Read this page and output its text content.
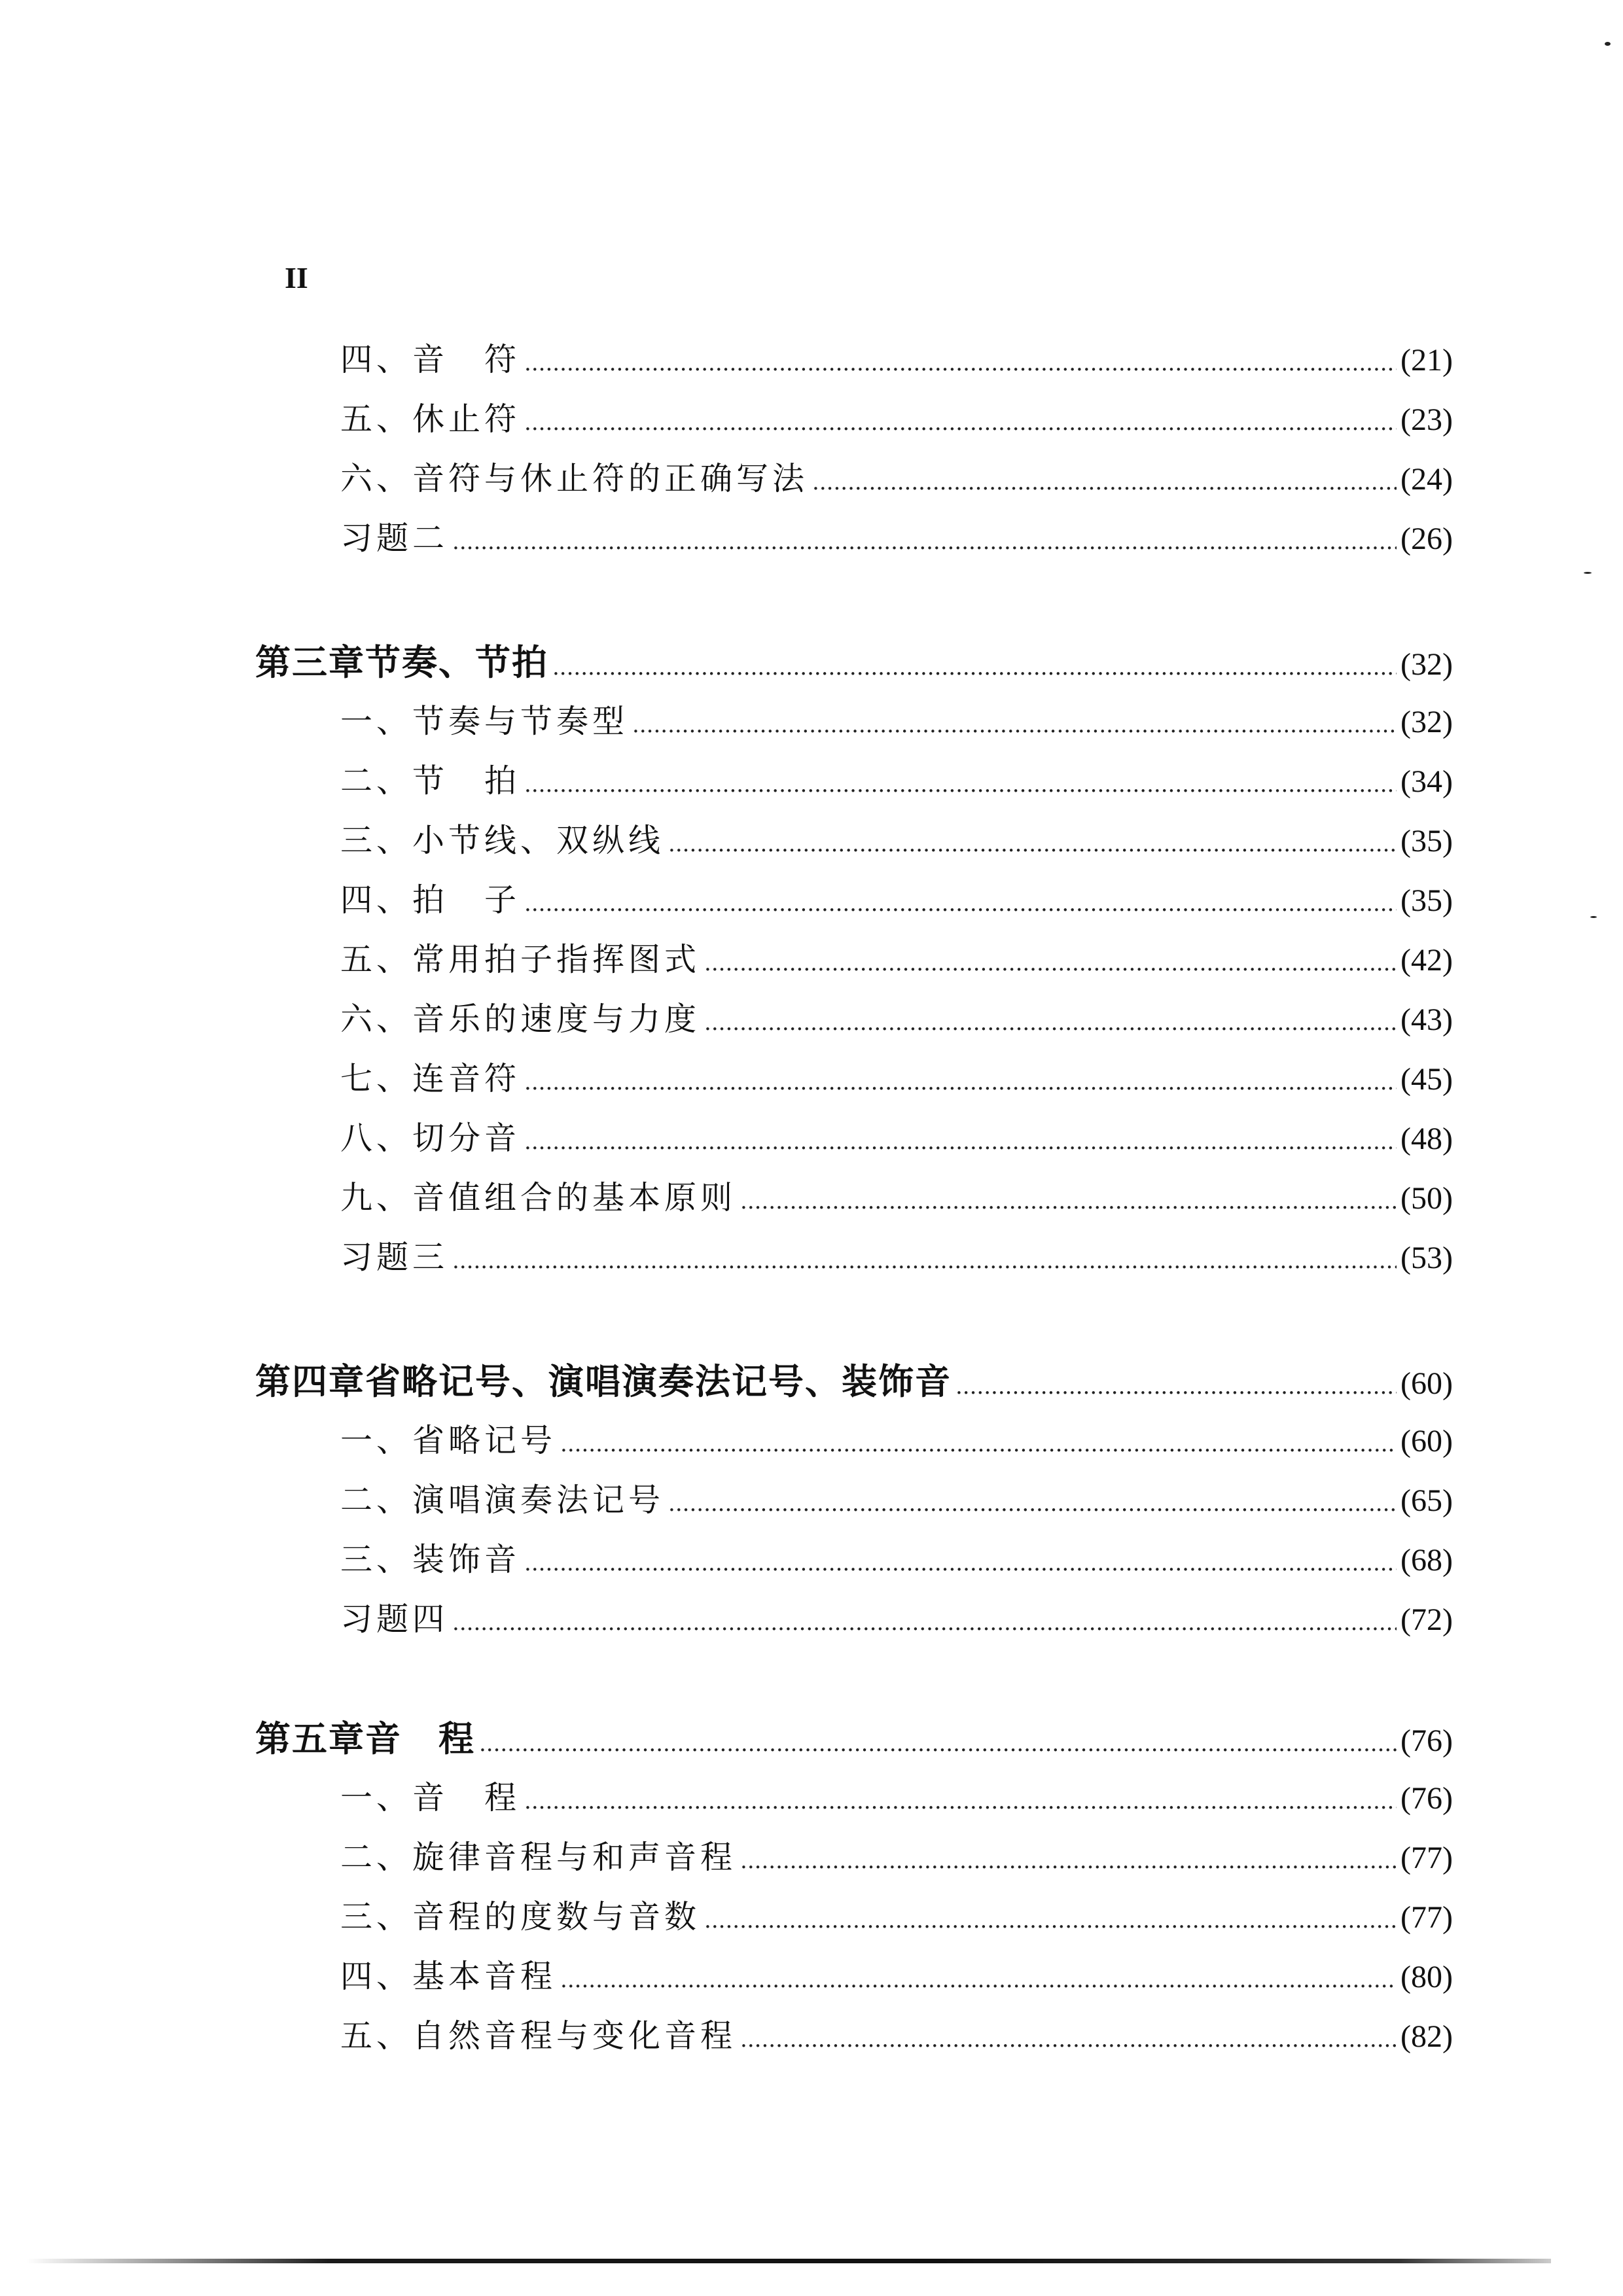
II
四、 音　符 .....	(21)
五、 休止符 .....	(23)
六、 音符与休止符的正确写法 .....	(24)
习题二 .....	(26)
第三章 节奏、节拍 .....	(32)
一、 节奏与节奏型 .....	(32)
二、 节　拍 .....	(34)
三、 小节线、双纵线 .....	(35)
四、 拍　子 .....	(35)
五、 常用拍子指挥图式 .....	(42)
六、 音乐的速度与力度 .....	(43)
七、 连音符 .....	(45)
八、 切分音 .....	(48)
九、 音值组合的基本原则 .....	(50)
习题三 .....	(53)
第四章 省略记号、演唱演奏法记号、装饰音 .....	(60)
一、 省略记号 .....	(60)
二、 演唱演奏法记号 .....	(65)
三、 装饰音 .....	(68)
习题四 .....	(72)
第五章 音　程 .....	(76)
一、 音　程 .....	(76)
二、 旋律音程与和声音程 .....	(77)
三、 音程的度数与音数 .....	(77)
四、 基本音程 .....	(80)
五、 自然音程与变化音程 .....	(82)
